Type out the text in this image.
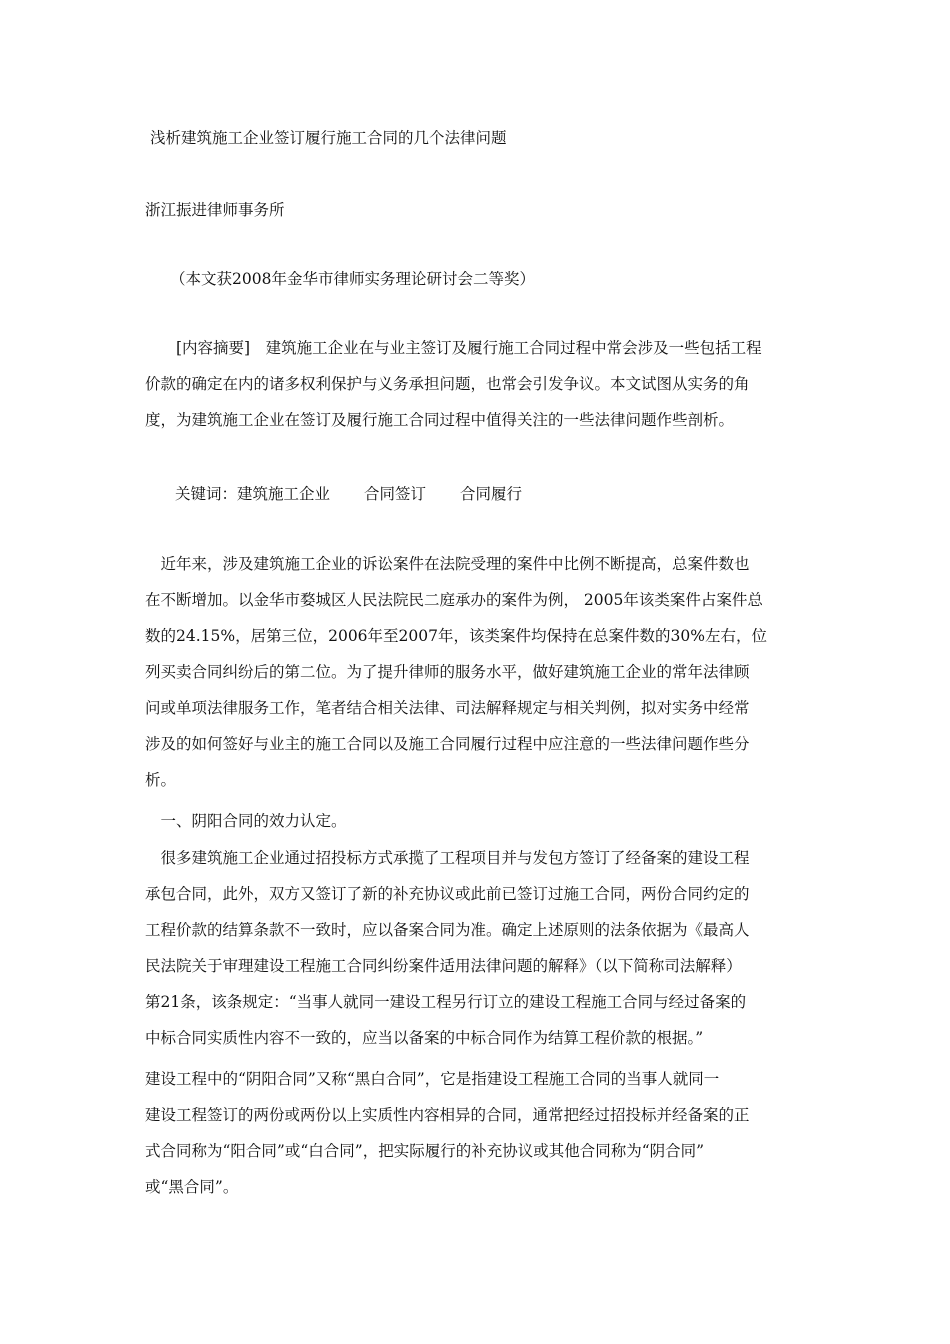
浅析建筑施工企业签订履行施工合同的几个法律问题
浙江振进律师事务所
（本文获2008年金华市律师实务理论研讨会二等奖）
　　[内容摘要]　建筑施工企业在与业主签订及履行施工合同过程中常会涉及一些包括工程
价款的确定在内的诸多权利保护与义务承担问题，也常会引发争议。本文试图从实务的角
度，为建筑施工企业在签订及履行施工合同过程中值得关注的一些法律问题作些剖析。
关键词：建筑施工企业 合同签订 合同履行
　近年来，涉及建筑施工企业的诉讼案件在法院受理的案件中比例不断提高，总案件数也
在不断增加。以金华市婺城区人民法院民二庭承办的案件为例， 2005年该类案件占案件总
数的24.15%，居第三位，2006年至2007年，该类案件均保持在总案件数的30%左右，位
列买卖合同纠纷后的第二位。为了提升律师的服务水平，做好建筑施工企业的常年法律顾
问或单项法律服务工作，笔者结合相关法律、司法解释规定与相关判例，拟对实务中经常
涉及的如何签好与业主的施工合同以及施工合同履行过程中应注意的一些法律问题作些分
析。
　一、阴阳合同的效力认定。
　很多建筑施工企业通过招投标方式承揽了工程项目并与发包方签订了经备案的建设工程
承包合同，此外，双方又签订了新的补充协议或此前已签订过施工合同，两份合同约定的
工程价款的结算条款不一致时，应以备案合同为准。确定上述原则的法条依据为《最高人
民法院关于审理建设工程施工合同纠纷案件适用法律问题的解释》（以下简称司法解释）
第21条，该条规定：“当事人就同一建设工程另行订立的建设工程施工合同与经过备案的
中标合同实质性内容不一致的，应当以备案的中标合同作为结算工程价款的根据。”
建设工程中的“阴阳合同”又称“黑白合同”，它是指建设工程施工合同的当事人就同一
建设工程签订的两份或两份以上实质性内容相异的合同，通常把经过招投标并经备案的正
式合同称为“阳合同”或“白合同”，把实际履行的补充协议或其他合同称为“阴合同”
或“黑合同”。
